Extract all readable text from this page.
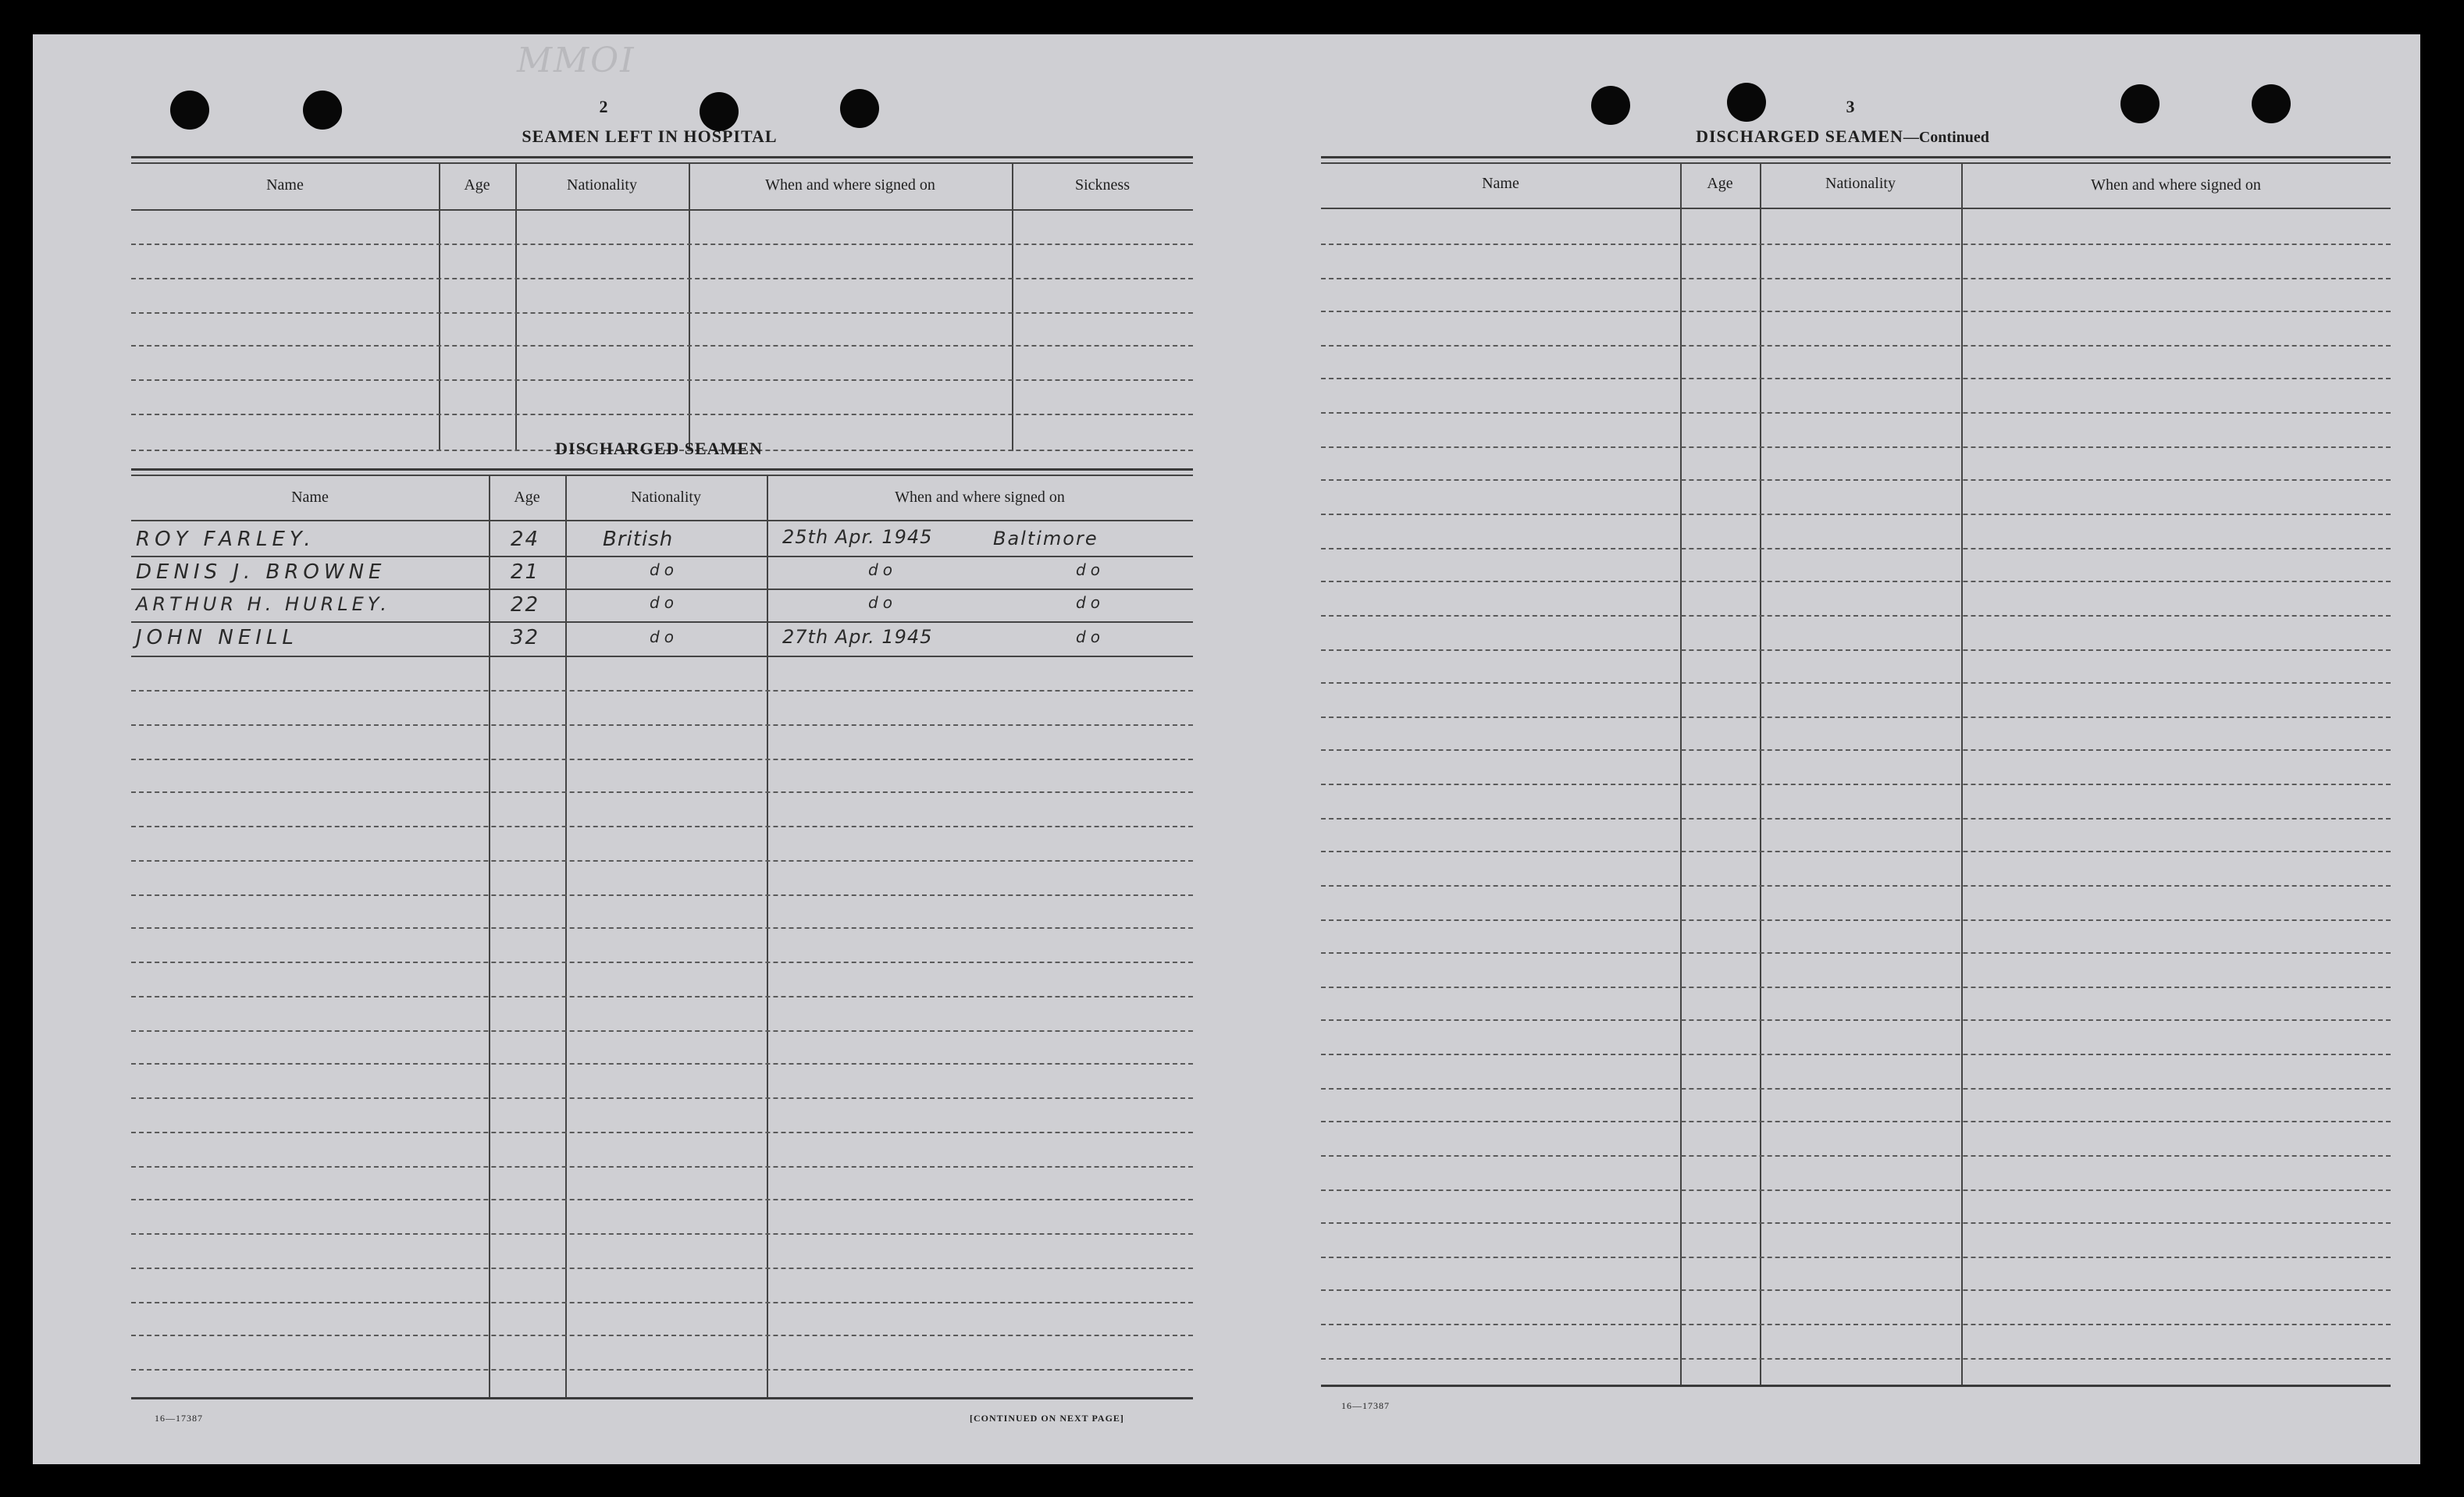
MMOI
2
SEAMEN LEFT IN HOSPITAL
Name	Age	Nationality	When and where signed on	Sickness
DISCHARGED SEAMEN
Name	Age	Nationality	When and where signed on
ROY FARLEY.	24	British	25th Apr. 1945	Baltimore
DENIS J. BROWNE	21	do	do	do
ARTHUR H. HURLEY.	22	do	do	do
JOHN NEILL	32	do	27th Apr. 1945	do
16—17387	[CONTINUED ON NEXT PAGE]
3
DISCHARGED SEAMEN—Continued
Name	Age	Nationality	When and where signed on
16—17387
